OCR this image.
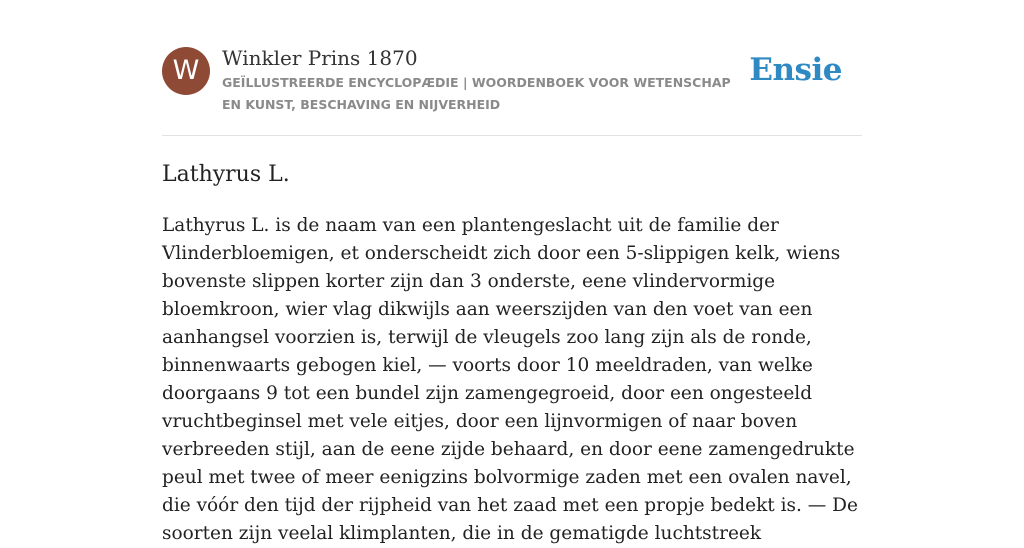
W	Winkler Prins 1870
GEÏLLUSTREERDE ENCYCLOPÆDIE | WOORDENBOEK VOOR WETENSCHAP EN KUNST, BESCHAVING EN NIJVERHEID
Ensie
Lathyrus L.

Lathyrus L. is de naam van een plantengeslacht uit de familie der Vlinderbloemigen, et onderscheidt zich door een 5-slippigen kelk, wiens bovenste slippen korter zijn dan 3 onderste, eene vlindervormige bloemkroon, wier vlag dikwijls aan weerszijden van den voet van een aanhangsel voorzien is, terwijl de vleugels zoo lang zijn als de ronde, binnenwaarts gebogen kiel, — voorts door 10 meeldraden, van welke doorgaans 9 tot een bundel zijn zamengegroeid, door een ongesteeld vruchtbeginsel met vele eitjes, door een lijnvormigen of naar boven verbreeden stijl, aan de eene zijde behaard, en door eene zamengedrukte peul met twee of meer eenigzins bolvormige zaden met een ovalen navel, die vóór den tijd der rijpheid van het zaad met een propje bedekt is. — De soorten zijn veelal klimplanten, die in de gematigde luchtstreek
